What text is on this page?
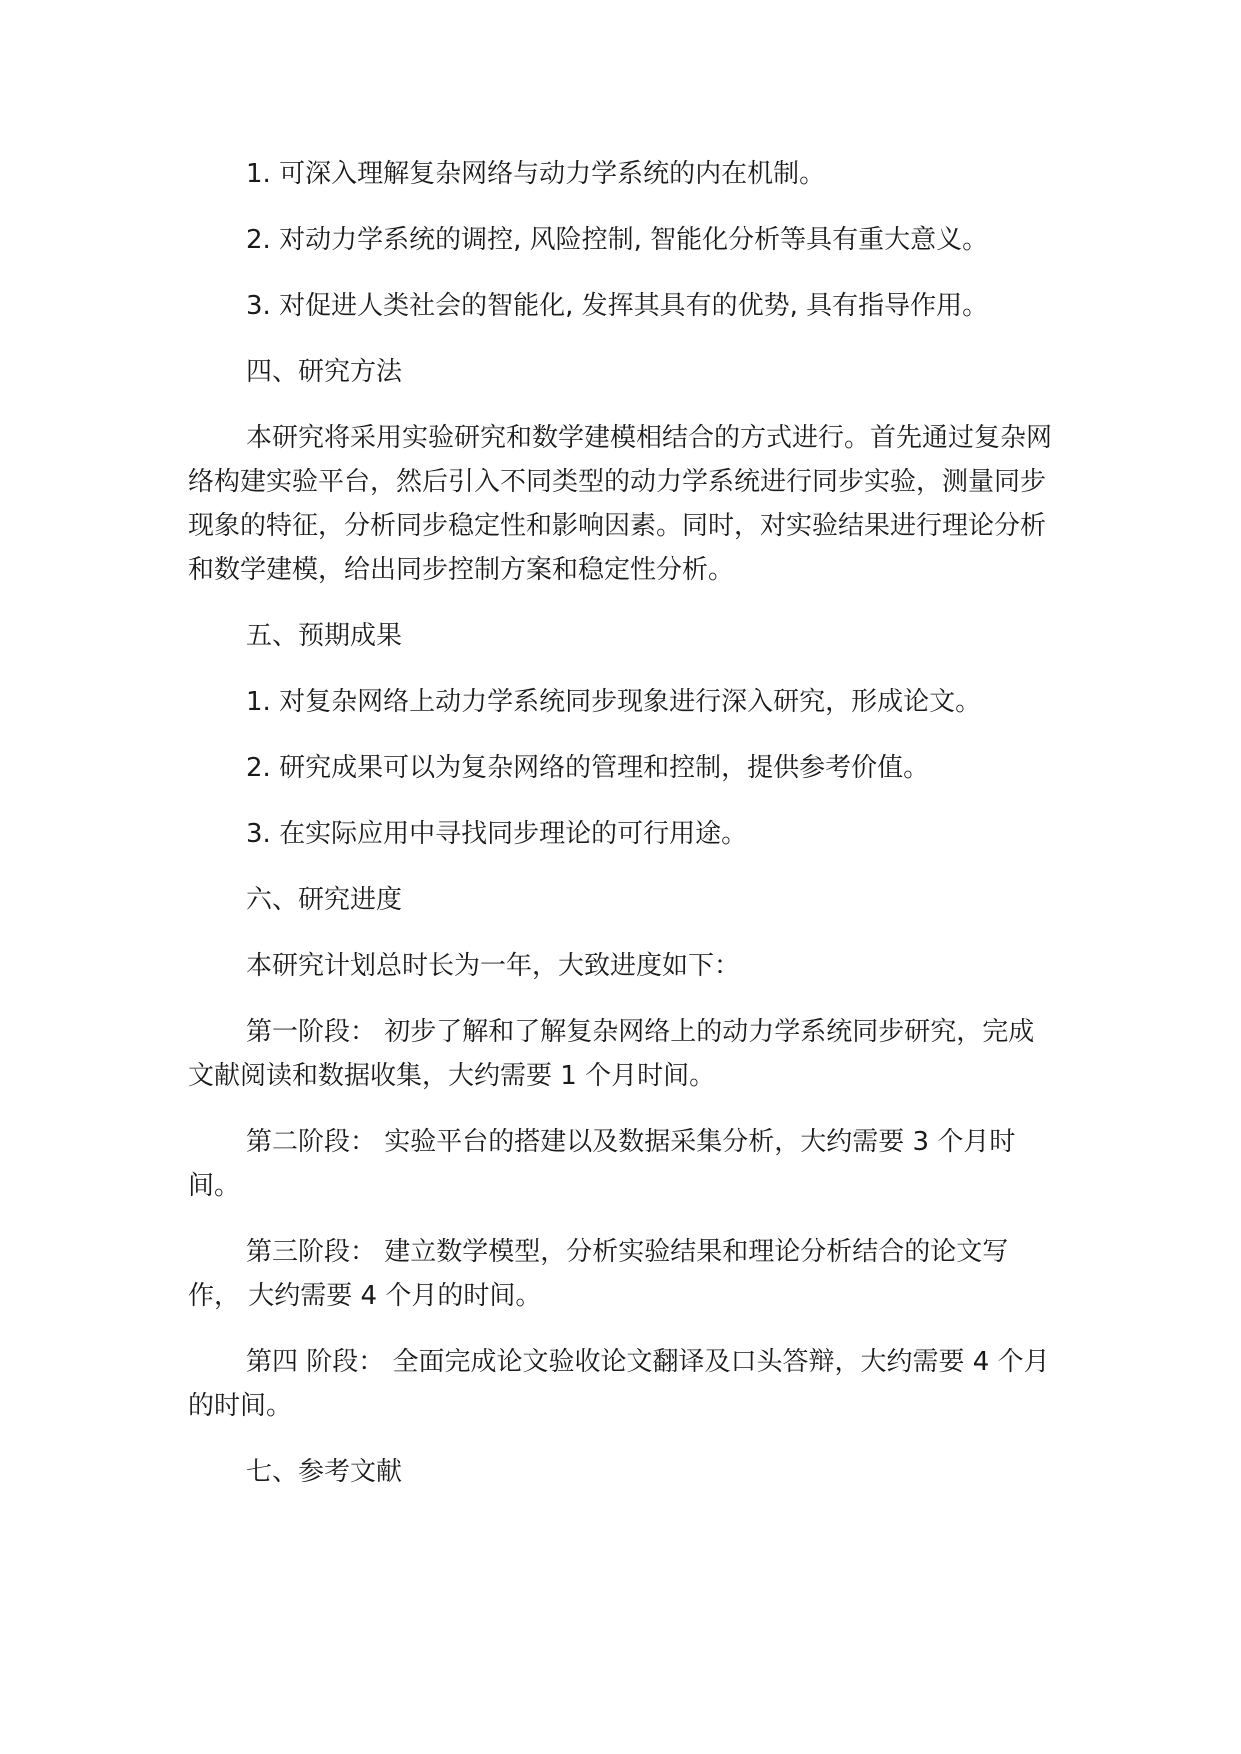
1. 可深入理解复杂网络与动力学系统的内在机制。

2. 对动力学系统的调控, 风险控制, 智能化分析等具有重大意义。

3. 对促进人类社会的智能化, 发挥其具有的优势, 具有指导作用。

四、研究方法

本研究将采用实验研究和数学建模相结合的方式进行。首先通过复杂网络构建实验平台，然后引入不同类型的动力学系统进行同步实验，测量同步现象的特征，分析同步稳定性和影响因素。同时，对实验结果进行理论分析和数学建模，给出同步控制方案和稳定性分析。

五、预期成果

1. 对复杂网络上动力学系统同步现象进行深入研究，形成论文。

2. 研究成果可以为复杂网络的管理和控制，提供参考价值。

3. 在实际应用中寻找同步理论的可行用途。

六、研究进度

本研究计划总时长为一年，大致进度如下：

第一阶段： 初步了解和了解复杂网络上的动力学系统同步研究，完成文献阅读和数据收集，大约需要 1 个月时间。

第二阶段： 实验平台的搭建以及数据采集分析，大约需要 3 个月时间。

第三阶段： 建立数学模型，分析实验结果和理论分析结合的论文写作， 大约需要 4 个月的时间。

第四 阶段： 全面完成论文验收论文翻译及口头答辩，大约需要 4 个月的时间。

七、参考文献
